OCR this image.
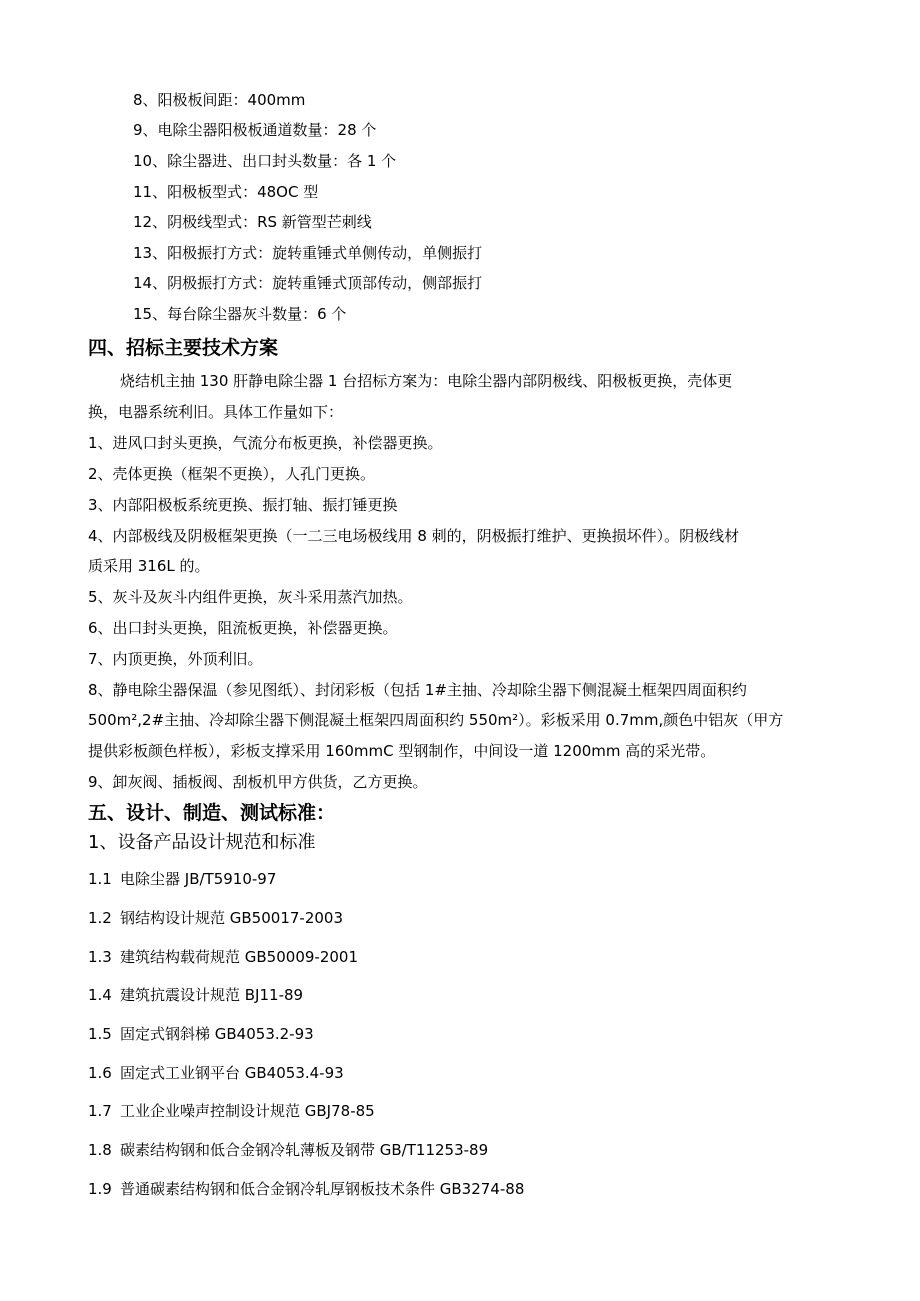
8、阳极板间距：400mm
9、电除尘器阳极板通道数量：28 个
10、除尘器进、出口封头数量：各 1 个
11、阳极板型式：48OC 型
12、阴极线型式：RS 新管型芒刺线
13、阳极振打方式：旋转重锤式单侧传动，单侧振打
14、阴极振打方式：旋转重锤式顶部传动，侧部振打
15、每台除尘器灰斗数量：6 个
四、招标主要技术方案
烧结机主抽 130 肝静电除尘器 1 台招标方案为：电除尘器内部阴极线、阳极板更换，壳体更
换，电器系统利旧。具体工作量如下：
1、进风口封头更换，气流分布板更换，补偿器更换。
2、壳体更换（框架不更换），人孔门更换。
3、内部阳极板系统更换、振打轴、振打锤更换
4、内部极线及阴极框架更换（一二三电场极线用 8 刺的，阴极振打维护、更换损坏件）。阴极线材
质采用 316L 的。
5、灰斗及灰斗内组件更换，灰斗采用蒸汽加热。
6、出口封头更换，阻流板更换，补偿器更换。
7、内顶更换，外顶利旧。
8、静电除尘器保温（参见图纸）、封闭彩板（包括 1#主抽、冷却除尘器下侧混凝土框架四周面积约
500m²,2#主抽、冷却除尘器下侧混凝土框架四周面积约 550m²）。彩板采用 0.7mm,颜色中铝灰（甲方
提供彩板颜色样板），彩板支撑采用 160mmC 型钢制作，中间设一道 1200mm 高的采光带。
9、卸灰阀、插板阀、刮板机甲方供货，乙方更换。
五、设计、制造、测试标准：
1、设备产品设计规范和标准
1.1 电除尘器 JB/T5910-97
1.2 钢结构设计规范 GB50017-2003
1.3 建筑结构载荷规范 GB50009-2001
1.4 建筑抗震设计规范 BJ11-89
1.5 固定式钢斜梯 GB4053.2-93
1.6 固定式工业钢平台 GB4053.4-93
1.7 工业企业噪声控制设计规范 GBJ78-85
1.8 碳素结构钢和低合金钢冷轧薄板及钢带 GB/T11253-89
1.9 普通碳素结构钢和低合金钢冷轧厚钢板技术条件 GB3274-88
